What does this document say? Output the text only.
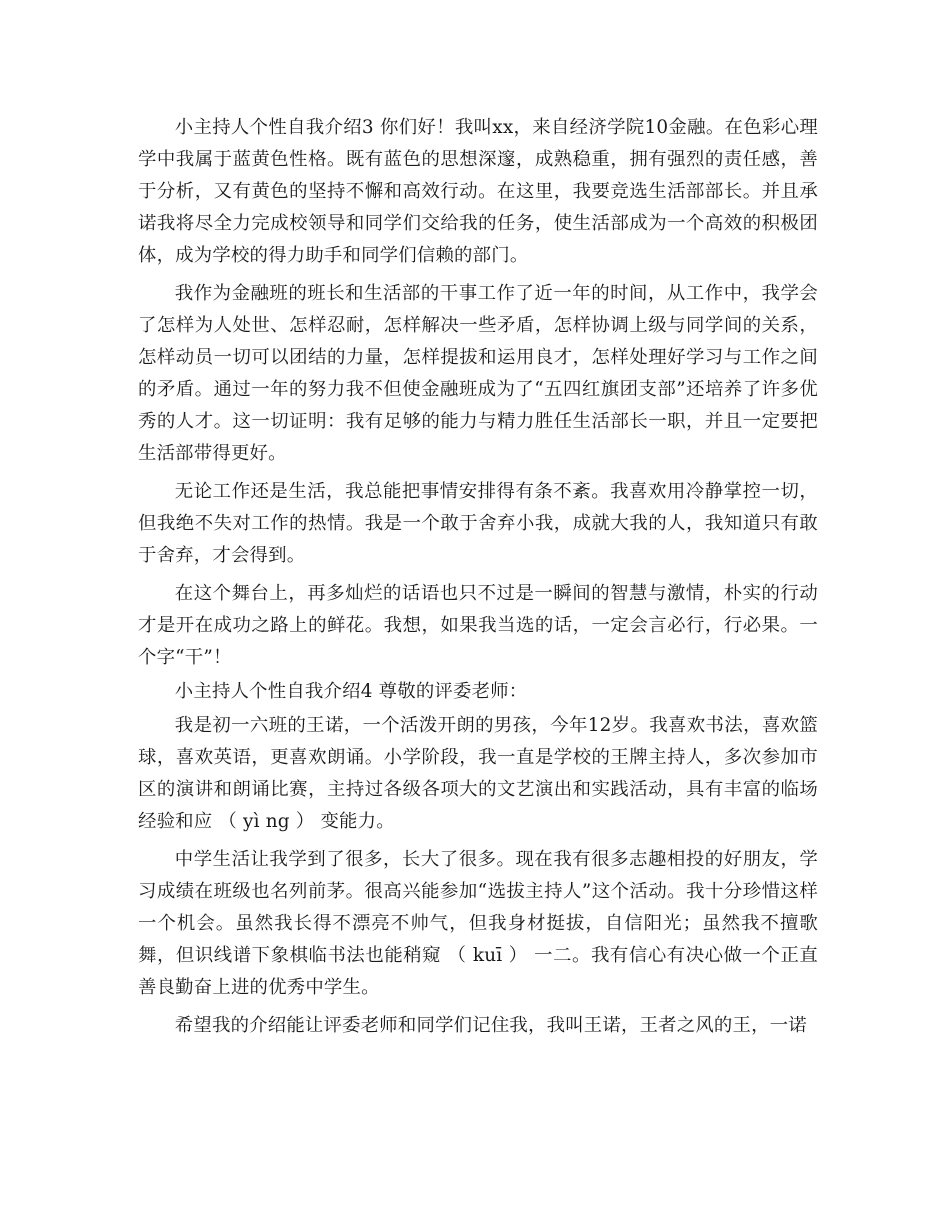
小主持人个性自我介绍3 你们好！我叫xx，来自经济学院10金融。在色彩心理学中我属于蓝黄色性格。既有蓝色的思想深邃，成熟稳重，拥有强烈的责任感，善于分析，又有黄色的坚持不懈和高效行动。在这里，我要竞选生活部部长。并且承诺我将尽全力完成校领导和同学们交给我的任务，使生活部成为一个高效的积极团体，成为学校的得力助手和同学们信赖的部门。

我作为金融班的班长和生活部的干事工作了近一年的时间，从工作中，我学会了怎样为人处世、怎样忍耐，怎样解决一些矛盾，怎样协调上级与同学间的关系，怎样动员一切可以团结的力量，怎样提拔和运用良才，怎样处理好学习与工作之间的矛盾。通过一年的努力我不但使金融班成为了“五四红旗团支部”还培养了许多优秀的人才。这一切证明：我有足够的能力与精力胜任生活部长一职，并且一定要把生活部带得更好。

无论工作还是生活，我总能把事情安排得有条不紊。我喜欢用冷静掌控一切，但我绝不失对工作的热情。我是一个敢于舍弃小我，成就大我的人，我知道只有敢于舍弃，才会得到。

在这个舞台上，再多灿烂的话语也只不过是一瞬间的智慧与激情，朴实的行动才是开在成功之路上的鲜花。我想，如果我当选的话，一定会言必行，行必果。一个字“干”！

小主持人个性自我介绍4 尊敬的评委老师：

我是初一六班的王诺，一个活泼开朗的男孩，今年12岁。我喜欢书法，喜欢篮球，喜欢英语，更喜欢朗诵。小学阶段，我一直是学校的王牌主持人，多次参加市区的演讲和朗诵比赛，主持过各级各项大的文艺演出和实践活动，具有丰富的临场经验和应 （ yì ng ） 变能力。

中学生活让我学到了很多，长大了很多。现在我有很多志趣相投的好朋友，学习成绩在班级也名列前茅。很高兴能参加“选拔主持人”这个活动。我十分珍惜这样一个机会。虽然我长得不漂亮不帅气，但我身材挺拔，自信阳光；虽然我不擅歌舞，但识线谱下象棋临书法也能稍窥 （ kuī ） 一二。我有信心有决心做一个正直善良勤奋上进的优秀中学生。

希望我的介绍能让评委老师和同学们记住我，我叫王诺，王者之风的王，一诺
